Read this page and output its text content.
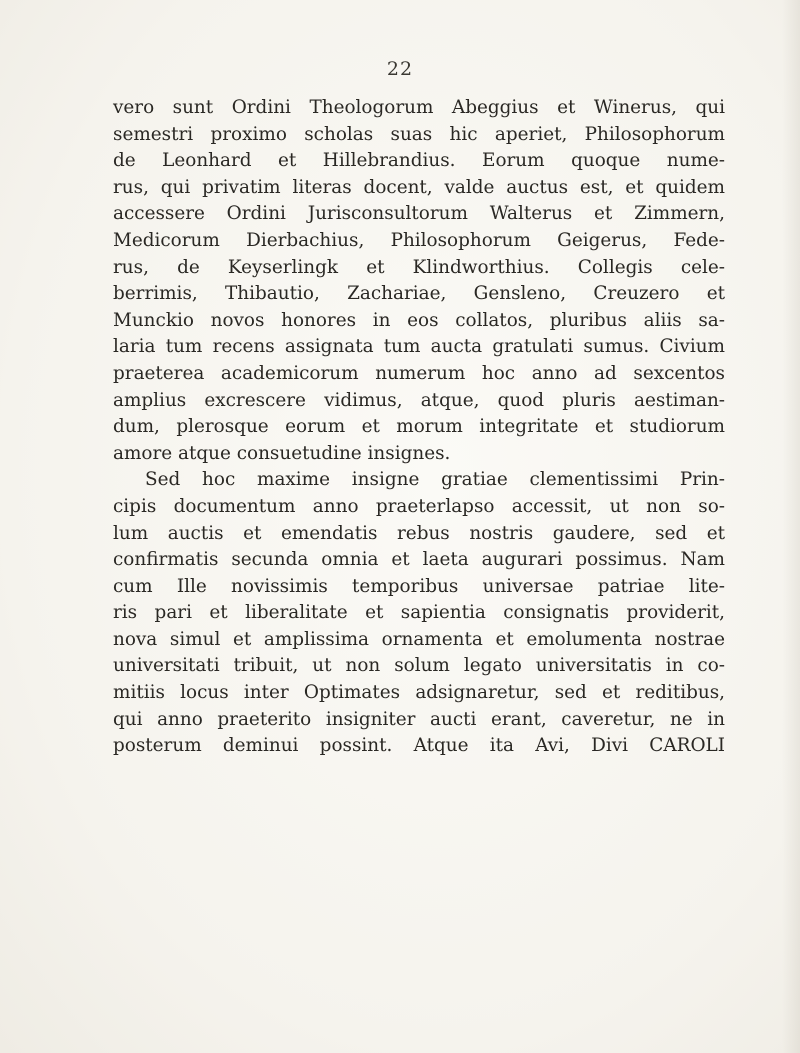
22
vero sunt Ordini Theologorum Abeggius et Winerus, qui
semestri proximo scholas suas hic aperiet, Philosophorum
de Leonhard et Hillebrandius. Eorum quoque nume-
rus, qui privatim literas docent, valde auctus est, et quidem
accessere Ordini Jurisconsultorum Walterus et Zimmern,
Medicorum Dierbachius, Philosophorum Geigerus, Fede-
rus, de Keyserlingk et Klindworthius. Collegis cele-
berrimis, Thibautio, Zachariae, Gensleno, Creuzero et
Munckio novos honores in eos collatos, pluribus aliis sa-
laria tum recens assignata tum aucta gratulati sumus. Civium
praeterea academicorum numerum hoc anno ad sexcentos
amplius excrescere vidimus, atque, quod pluris aestiman-
dum, plerosque eorum et morum integritate et studiorum
amore atque consuetudine insignes.
Sed hoc maxime insigne gratiae clementissimi Prin-
cipis documentum anno praeterlapso accessit, ut non so-
lum auctis et emendatis rebus nostris gaudere, sed et
confirmatis secunda omnia et laeta augurari possimus. Nam
cum Ille novissimis temporibus universae patriae lite-
ris pari et liberalitate et sapientia consignatis providerit,
nova simul et amplissima ornamenta et emolumenta nostrae
universitati tribuit, ut non solum legato universitatis in co-
mitiis locus inter Optimates adsignaretur, sed et reditibus,
qui anno praeterito insigniter aucti erant, caveretur, ne in
posterum deminui possint. Atque ita Avi, Divi CAROLI
